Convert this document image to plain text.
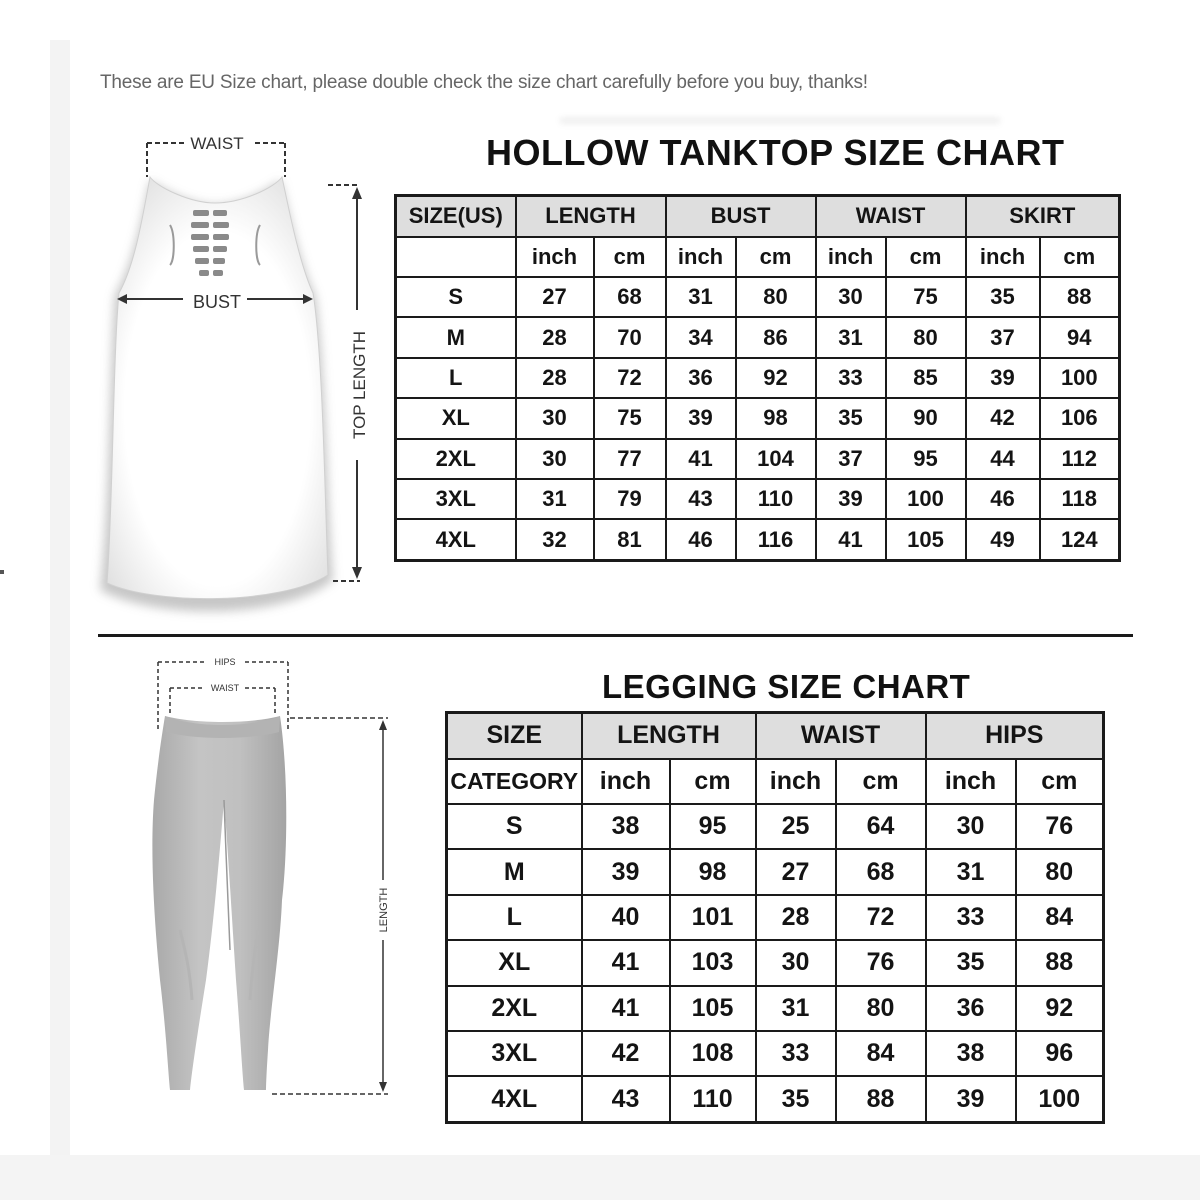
These are EU Size chart, please double check the size chart carefully before you buy, thanks!
WAIST
BUST
TOP LENGTH
HOLLOW TANKTOP SIZE CHART
SIZE(US)	LENGTH		BUST		WAIST		SKIRT	
	inch	cm	inch	cm	inch	cm	inch	cm
S	27	68	31	80	30	75	35	88
M	28	70	34	86	31	80	37	94
L	28	72	36	92	33	85	39	100
XL	30	75	39	98	35	90	42	106
2XL	30	77	41	104	37	95	44	112
3XL	31	79	43	110	39	100	46	118
4XL	32	81	46	116	41	105	49	124
HIPS
WAIST
LENGTH
LEGGING SIZE CHART
SIZE	LENGTH		WAIST		HIPS	
CATEGORY	inch	cm	inch	cm	inch	cm
S	38	95	25	64	30	76
M	39	98	27	68	31	80
L	40	101	28	72	33	84
XL	41	103	30	76	35	88
2XL	41	105	31	80	36	92
3XL	42	108	33	84	38	96
4XL	43	110	35	88	39	100
